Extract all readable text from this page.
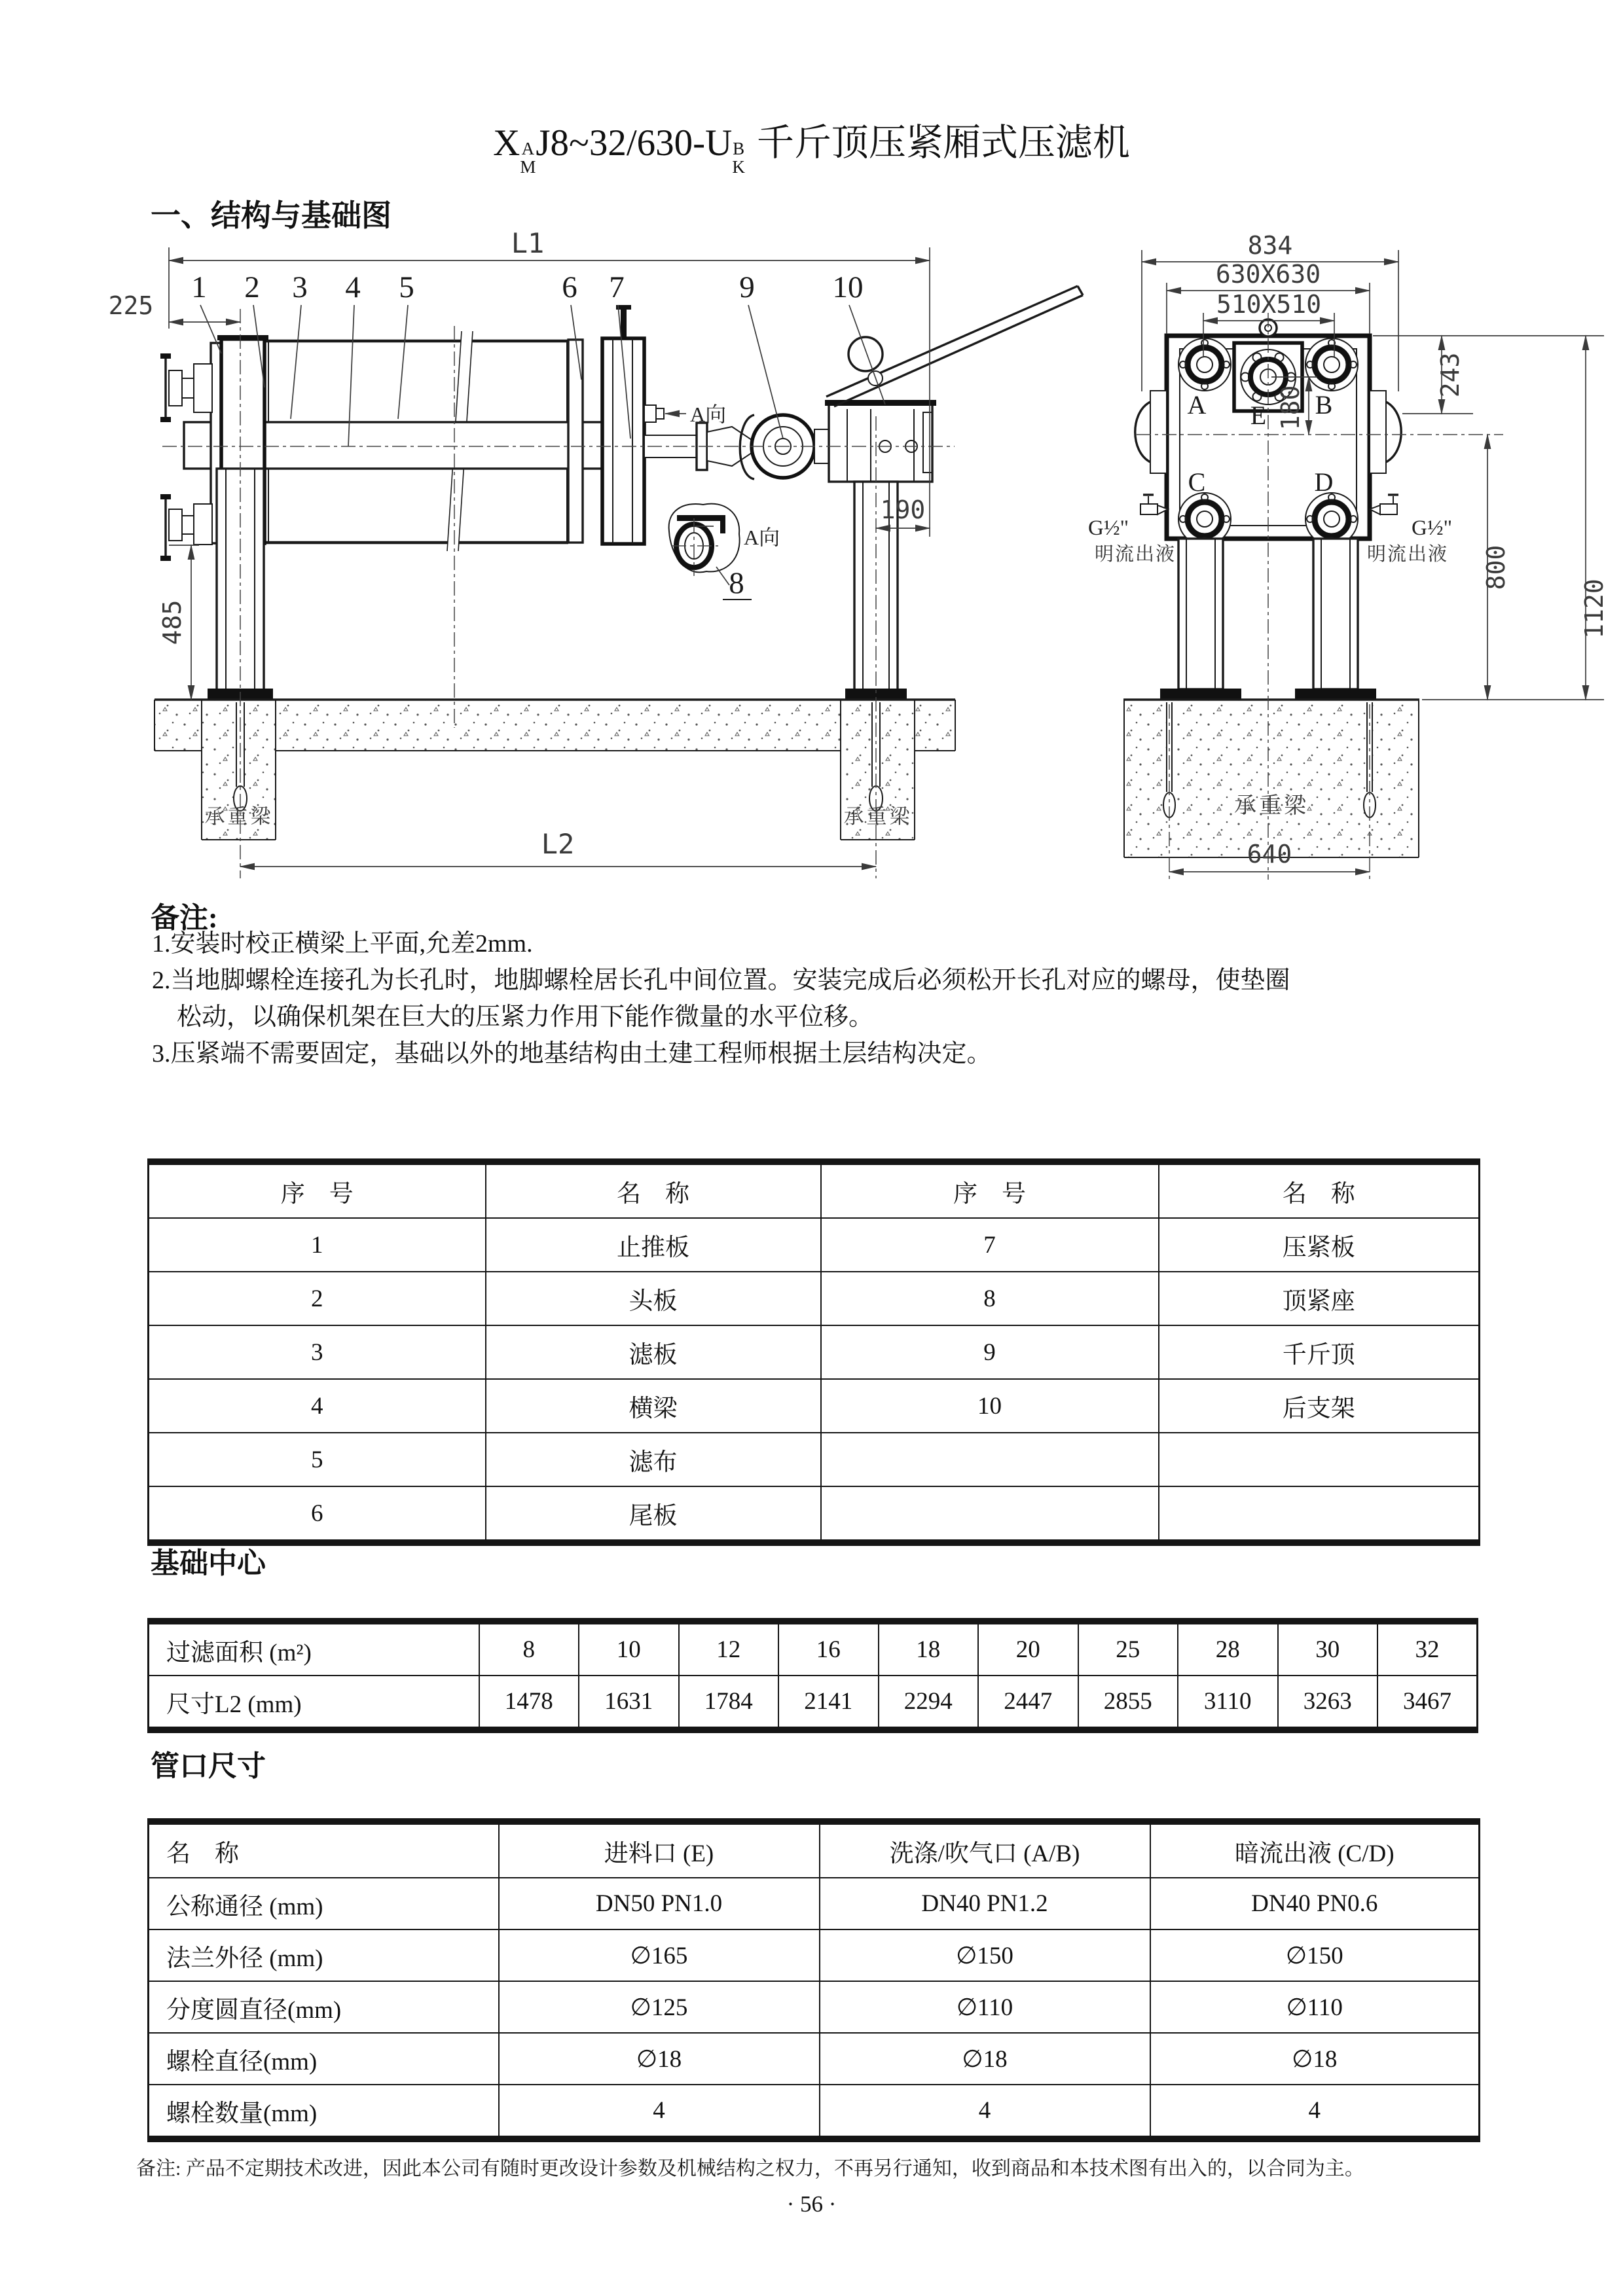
X A
M
J8~32/630-U B
K
千斤顶压紧厢式压滤机
一、结构与基础图
承重梁	承重梁
L1
225
485
190
L2
1 2 3 4 5	6 7	9	10
A向
A向
8
承重梁
G½"	G½"
明流出液	明流出液
A	B
C	D
E
834
630X630
510X510
180
243
800
1120
640
备注:
1.安装时校正横梁上平面,允差2mm.
2.当地脚螺栓连接孔为长孔时，地脚螺栓居长孔中间位置。安装完成后必须松开长孔对应的螺母，使垫圈
松动，以确保机架在巨大的压紧力作用下能作微量的水平位移。
3.压紧端不需要固定，基础以外的地基结构由土建工程师根据土层结构决定。
序　号	名　称	序　号	名　称
1	止推板	7	压紧板
2	头板	8	顶紧座
3	滤板	9	千斤顶
4	横梁	10	后支架
5	滤布		
6	尾板		
基础中心
过滤面积 (m²)	8	10	12	16	18	20	25	28	30	32
尺寸L2 (mm)	1478	1631	1784	2141	2294	2447	2855	3110	3263	3467
管口尺寸
名　称	进料口 (E)	洗涤/吹气口 (A/B)	暗流出液 (C/D)
公称通径 (mm)	DN50 PN1.0	DN40 PN1.2	DN40 PN0.6
法兰外径 (mm)	∅165	∅150	∅150
分度圆直径(mm)	∅125	∅110	∅110
螺栓直径(mm)	∅18	∅18	∅18
螺栓数量(mm)	4	4	4
备注: 产品不定期技术改进，因此本公司有随时更改设计参数及机械结构之权力，不再另行通知，收到商品和本技术图有出入的，以合同为主。
· 56 ·
